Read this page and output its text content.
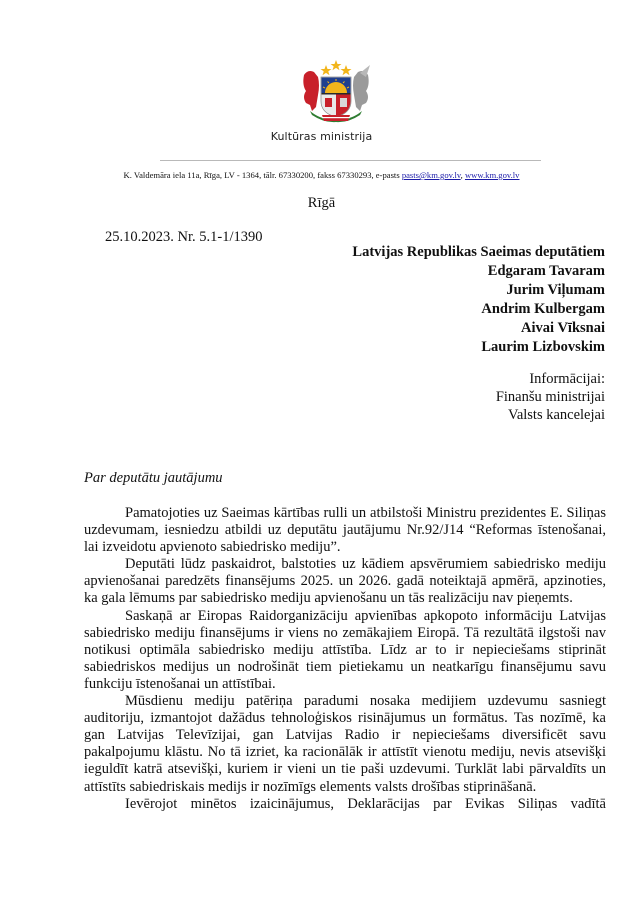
Kultūras ministrija
K. Valdemāra iela 11a, Rīga, LV - 1364, tālr. 67330200, fakss 67330293, e-pasts pasts@km.gov.lv, www.km.gov.lv
Rīgā
25.10.2023. Nr. 5.1-1/1390
Latvijas Republikas Saeimas deputātiem
Edgaram Tavaram
Jurim Viļumam
Andrim Kulbergam
Aivai Vīksnai
Laurim Lizbovskim
Informācijai:
Finanšu ministrijai
Valsts kancelejai
Par deputātu jautājumu

Pamatojoties uz Saeimas kārtības rulli un atbilstoši Ministru prezidentes E. Siliņas uzdevumam, iesniedzu atbildi uz deputātu jautājumu Nr.92/J14 “Reformas īstenošanai, lai izveidotu apvienoto sabiedrisko mediju”.

Deputāti lūdz paskaidrot, balstoties uz kādiem apsvērumiem sabiedrisko mediju apvienošanai paredzēts finansējums 2025. un 2026. gadā noteiktajā apmērā, apzinoties, ka gala lēmums par sabiedrisko mediju apvienošanu un tās realizāciju nav pieņemts.

Saskaņā ar Eiropas Raidorganizāciju apvienības apkopoto informāciju Latvijas sabiedrisko mediju finansējums ir viens no zemākajiem Eiropā. Tā rezultātā ilgstoši nav notikusi optimāla sabiedrisko mediju attīstība. Līdz ar to ir nepieciešams stiprināt sabiedriskos medijus un nodrošināt tiem pietiekamu un neatkarīgu finansējumu savu funkciju īstenošanai un attīstībai.

Mūsdienu mediju patēriņa paradumi nosaka medijiem uzdevumu sasniegt auditoriju, izmantojot dažādus tehnoloģiskos risinājumus un formātus. Tas nozīmē, ka gan Latvijas Televīzijai, gan Latvijas Radio ir nepieciešams diversificēt savu pakalpojumu klāstu. No tā izriet, ka racionālāk ir attīstīt vienotu mediju, nevis atsevišķi ieguldīt katrā atsevišķi, kuriem ir vieni un tie paši uzdevumi. Turklāt labi pārvaldīts un attīstīts sabiedriskais medijs ir nozīmīgs elements valsts drošības stiprināšanā.

Ievērojot minētos izaicinājumus, Deklarācijas par Evikas Siliņas vadītā
